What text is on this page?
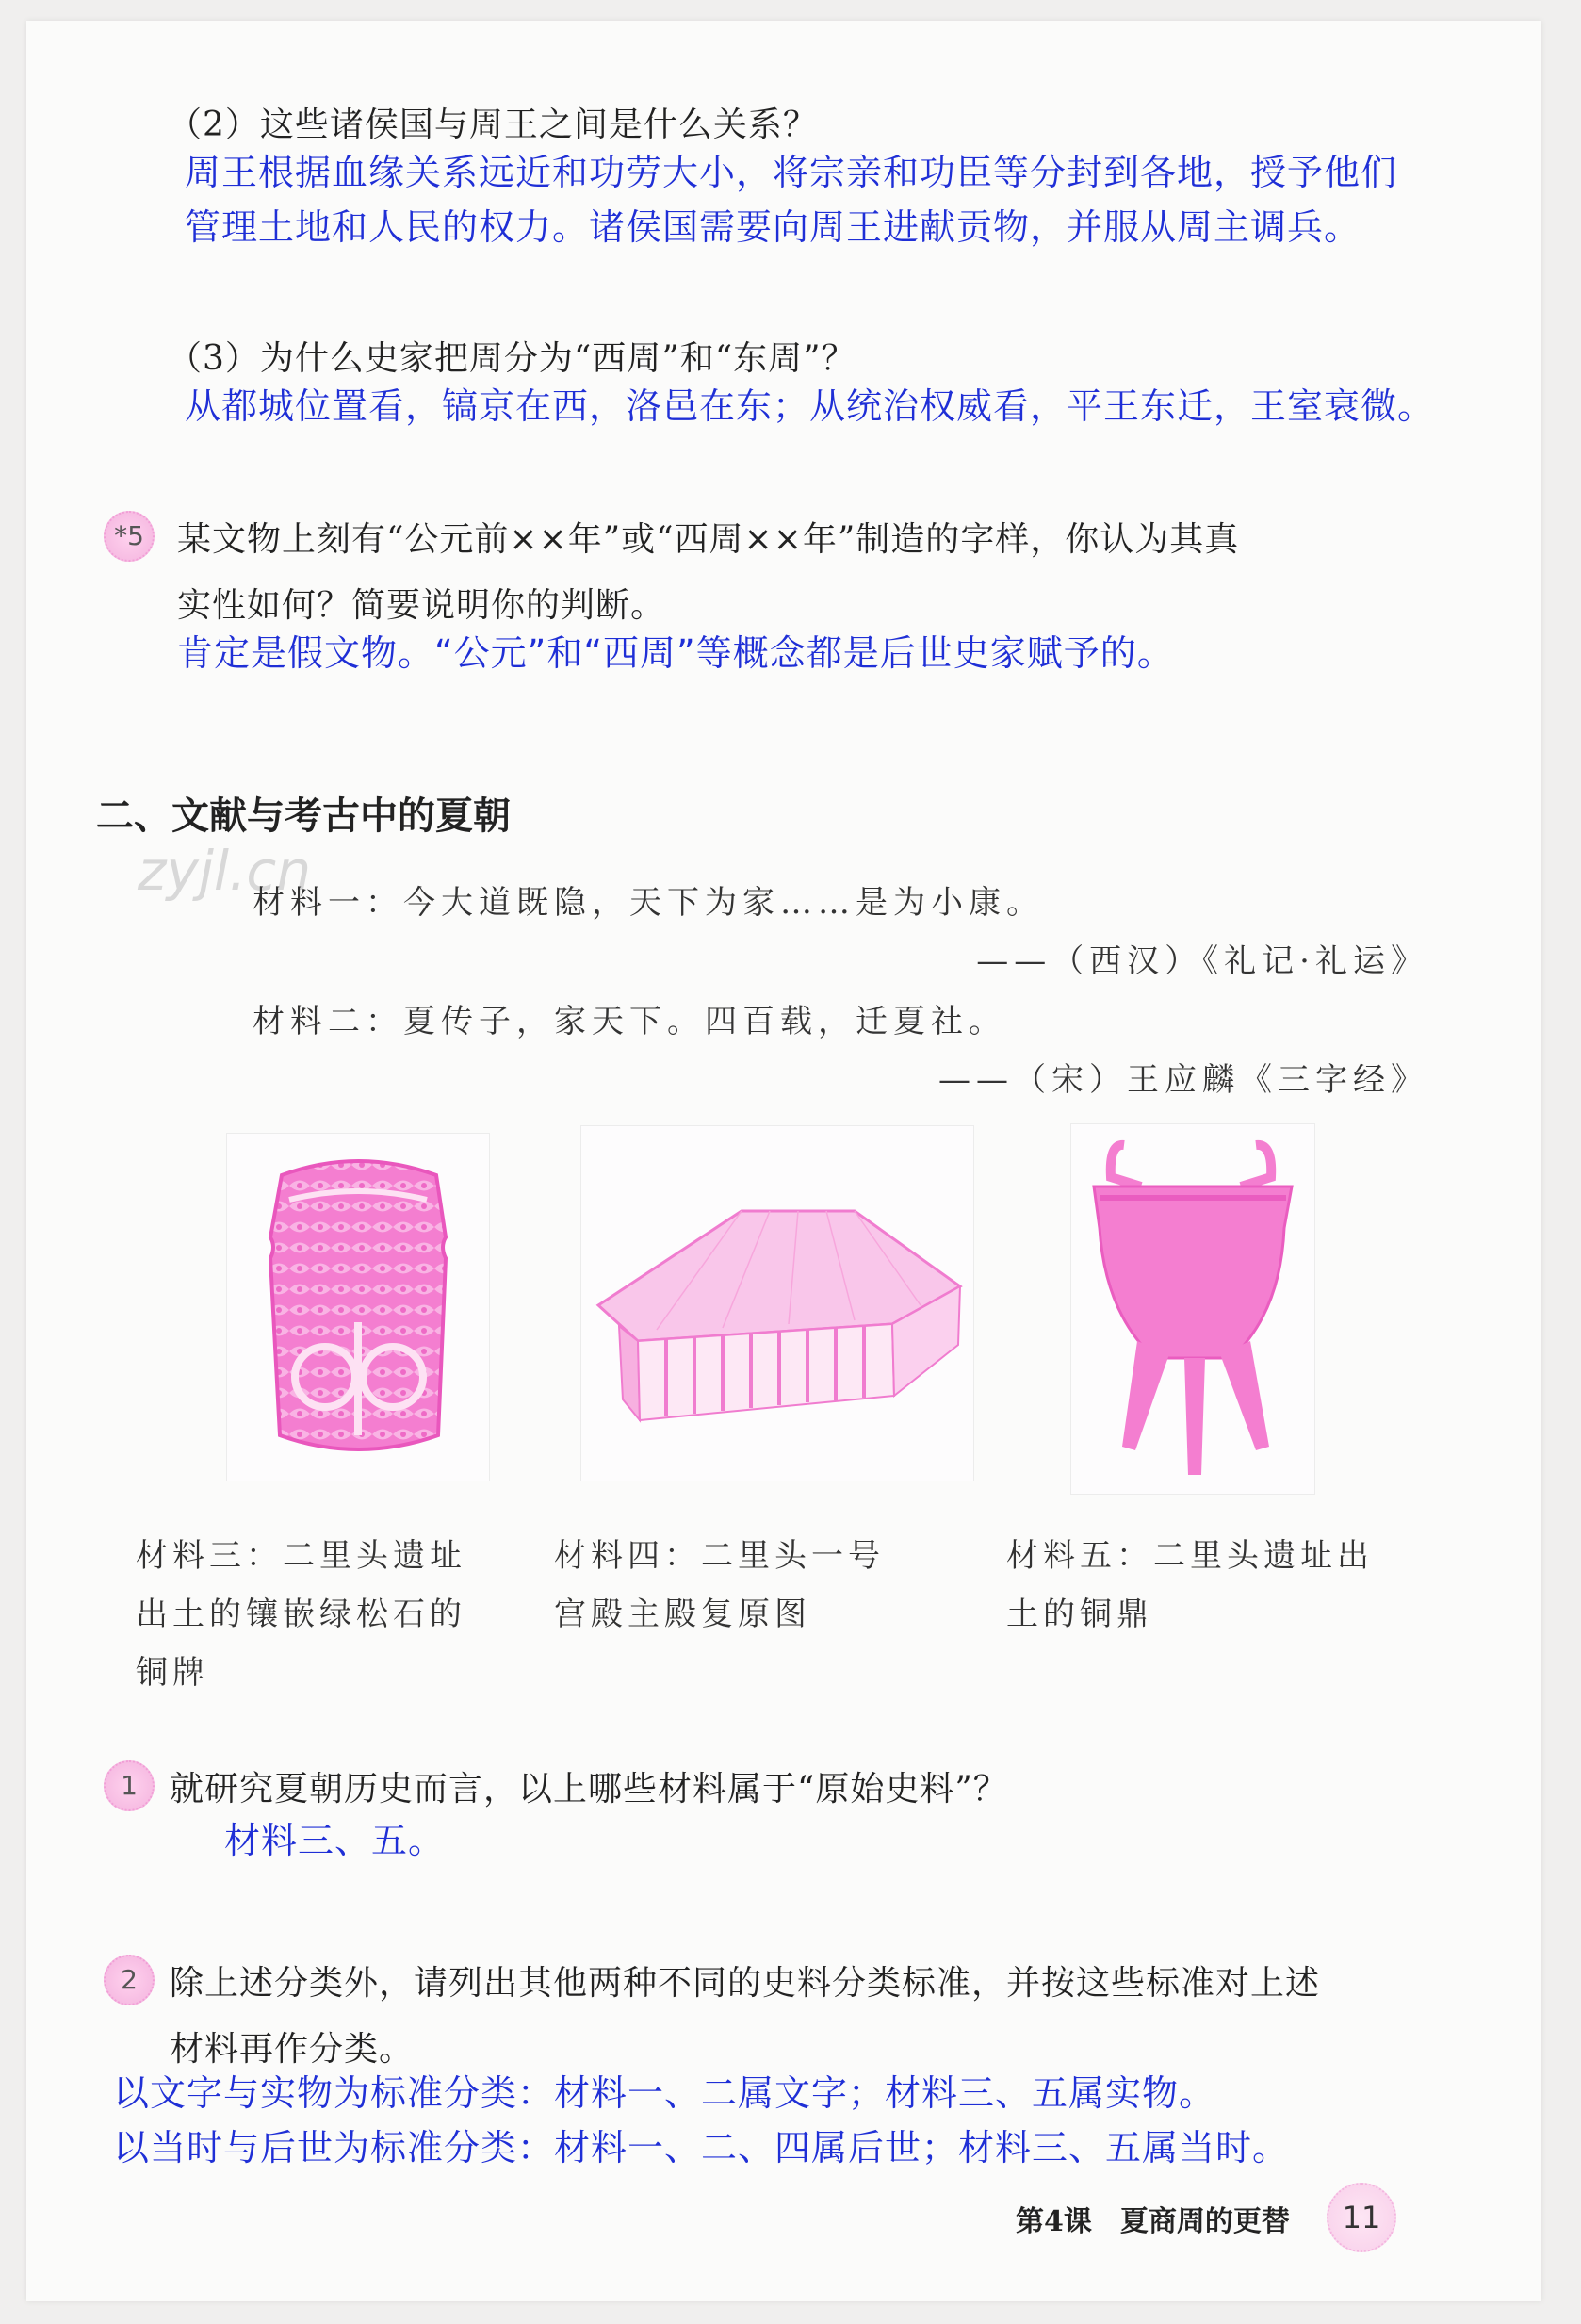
（2）这些诸侯国与周王之间是什么关系？
周王根据血缘关系远近和功劳大小，将宗亲和功臣等分封到各地，授予他们
管理土地和人民的权力。诸侯国需要向周王进献贡物，并服从周主调兵。
（3）为什么史家把周分为“西周”和“东周”？
从都城位置看，镐京在西，洛邑在东；从统治权威看，平王东迁，王室衰微。
*5 某文物上刻有“公元前××年”或“西周××年”制造的字样，你认为其真
实性如何？简要说明你的判断。
肯定是假文物。“公元”和“西周”等概念都是后世史家赋予的。
二、文献与考古中的夏朝
zyjl.cn
材料一：今大道既隐，天下为家……是为小康。
——（西汉）《礼记·礼运》
材料二：夏传子，家天下。四百载，迁夏社。
——（宋）王应麟《三字经》
材料三：二里头遗址出土的镶嵌绿松石的铜牌
材料四：二里头一号宫殿主殿复原图
材料五：二里头遗址出土的铜鼎
1 就研究夏朝历史而言，以上哪些材料属于“原始史料”？
材料三、五。
2 除上述分类外，请列出其他两种不同的史料分类标准，并按这些标准对上述
材料再作分类。
以文字与实物为标准分类：材料一、二属文字；材料三、五属实物。
以当时与后世为标准分类：材料一、二、四属后世；材料三、五属当时。
第4课　夏商周的更替	11
